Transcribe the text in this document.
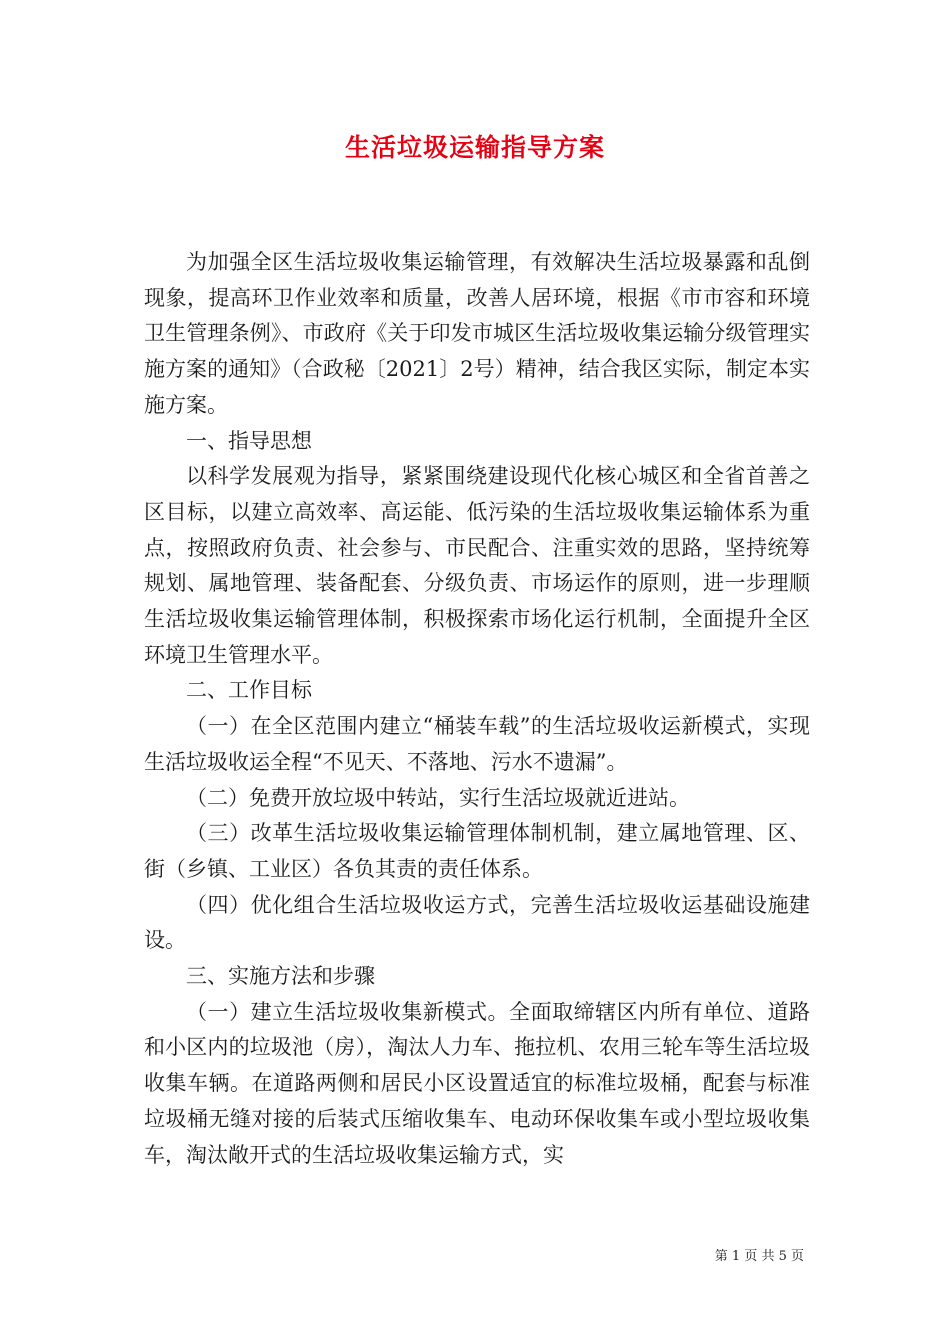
生活垃圾运输指导方案

为加强全区生活垃圾收集运输管理，有效解决生活垃圾暴露和乱倒现象，提高环卫作业效率和质量，改善人居环境，根据《市市容和环境卫生管理条例》、市政府《关于印发市城区生活垃圾收集运输分级管理实施方案的通知》（合政秘〔2021〕2号）精神，结合我区实际，制定本实施方案。

一、指导思想

以科学发展观为指导，紧紧围绕建设现代化核心城区和全省首善之区目标，以建立高效率、高运能、低污染的生活垃圾收集运输体系为重点，按照政府负责、社会参与、市民配合、注重实效的思路，坚持统筹规划、属地管理、装备配套、分级负责、市场运作的原则，进一步理顺生活垃圾收集运输管理体制，积极探索市场化运行机制，全面提升全区环境卫生管理水平。

二、工作目标

（一）在全区范围内建立“桶装车载”的生活垃圾收运新模式，实现生活垃圾收运全程“不见天、不落地、污水不遗漏”。

（二）免费开放垃圾中转站，实行生活垃圾就近进站。

（三）改革生活垃圾收集运输管理体制机制，建立属地管理、区、街（乡镇、工业区）各负其责的责任体系。

（四）优化组合生活垃圾收运方式，完善生活垃圾收运基础设施建设。

三、实施方法和步骤

（一）建立生活垃圾收集新模式。全面取缔辖区内所有单位、道路和小区内的垃圾池（房），淘汰人力车、拖拉机、农用三轮车等生活垃圾收集车辆。在道路两侧和居民小区设置适宜的标准垃圾桶，配套与标准垃圾桶无缝对接的后装式压缩收集车、电动环保收集车或小型垃圾收集车，淘汰敞开式的生活垃圾收集运输方式，实

第 1 页 共 5 页
